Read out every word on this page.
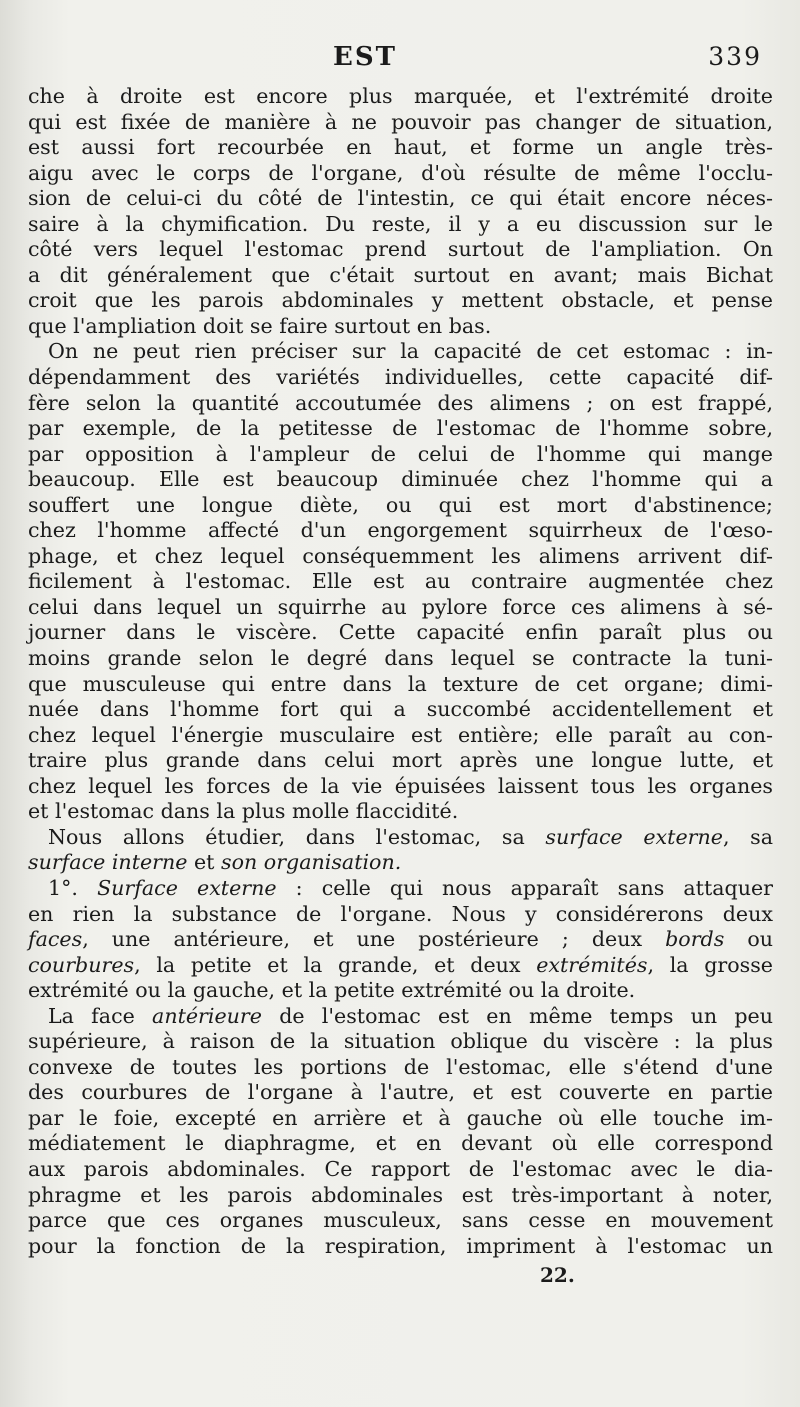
EST	339
che à droite est encore plus marquée, et l'extrémité droite
qui est fixée de manière à ne pouvoir pas changer de situation,
est aussi fort recourbée en haut, et forme un angle très-
aigu avec le corps de l'organe, d'où résulte de même l'occlu-
sion de celui-ci du côté de l'intestin, ce qui était encore néces-
saire à la chymification. Du reste, il y a eu discussion sur le
côté vers lequel l'estomac prend surtout de l'ampliation. On
a dit généralement que c'était surtout en avant; mais Bichat
croit que les parois abdominales y mettent obstacle, et pense
que l'ampliation doit se faire surtout en bas.
On ne peut rien préciser sur la capacité de cet estomac : in-
dépendamment des variétés individuelles, cette capacité dif-
fère selon la quantité accoutumée des alimens ; on est frappé,
par exemple, de la petitesse de l'estomac de l'homme sobre,
par opposition à l'ampleur de celui de l'homme qui mange
beaucoup. Elle est beaucoup diminuée chez l'homme qui a
souffert une longue diète, ou qui est mort d'abstinence;
chez l'homme affecté d'un engorgement squirrheux de l'œso-
phage, et chez lequel conséquemment les alimens arrivent dif-
ficilement à l'estomac. Elle est au contraire augmentée chez
celui dans lequel un squirrhe au pylore force ces alimens à sé-
journer dans le viscère. Cette capacité enfin paraît plus ou
moins grande selon le degré dans lequel se contracte la tuni-
que musculeuse qui entre dans la texture de cet organe; dimi-
nuée dans l'homme fort qui a succombé accidentellement et
chez lequel l'énergie musculaire est entière; elle paraît au con-
traire plus grande dans celui mort après une longue lutte, et
chez lequel les forces de la vie épuisées laissent tous les organes
et l'estomac dans la plus molle flaccidité.
Nous allons étudier, dans l'estomac, sa surface externe, sa
surface interne et son organisation.
1°. Surface externe : celle qui nous apparaît sans attaquer
en rien la substance de l'organe. Nous y considérerons deux
faces, une antérieure, et une postérieure ; deux bords ou
courbures, la petite et la grande, et deux extrémités, la grosse
extrémité ou la gauche, et la petite extrémité ou la droite.
La face antérieure de l'estomac est en même temps un peu
supérieure, à raison de la situation oblique du viscère : la plus
convexe de toutes les portions de l'estomac, elle s'étend d'une
des courbures de l'organe à l'autre, et est couverte en partie
par le foie, excepté en arrière et à gauche où elle touche im-
médiatement le diaphragme, et en devant où elle correspond
aux parois abdominales. Ce rapport de l'estomac avec le dia-
phragme et les parois abdominales est très-important à noter,
parce que ces organes musculeux, sans cesse en mouvement
pour la fonction de la respiration, impriment à l'estomac un
22.
